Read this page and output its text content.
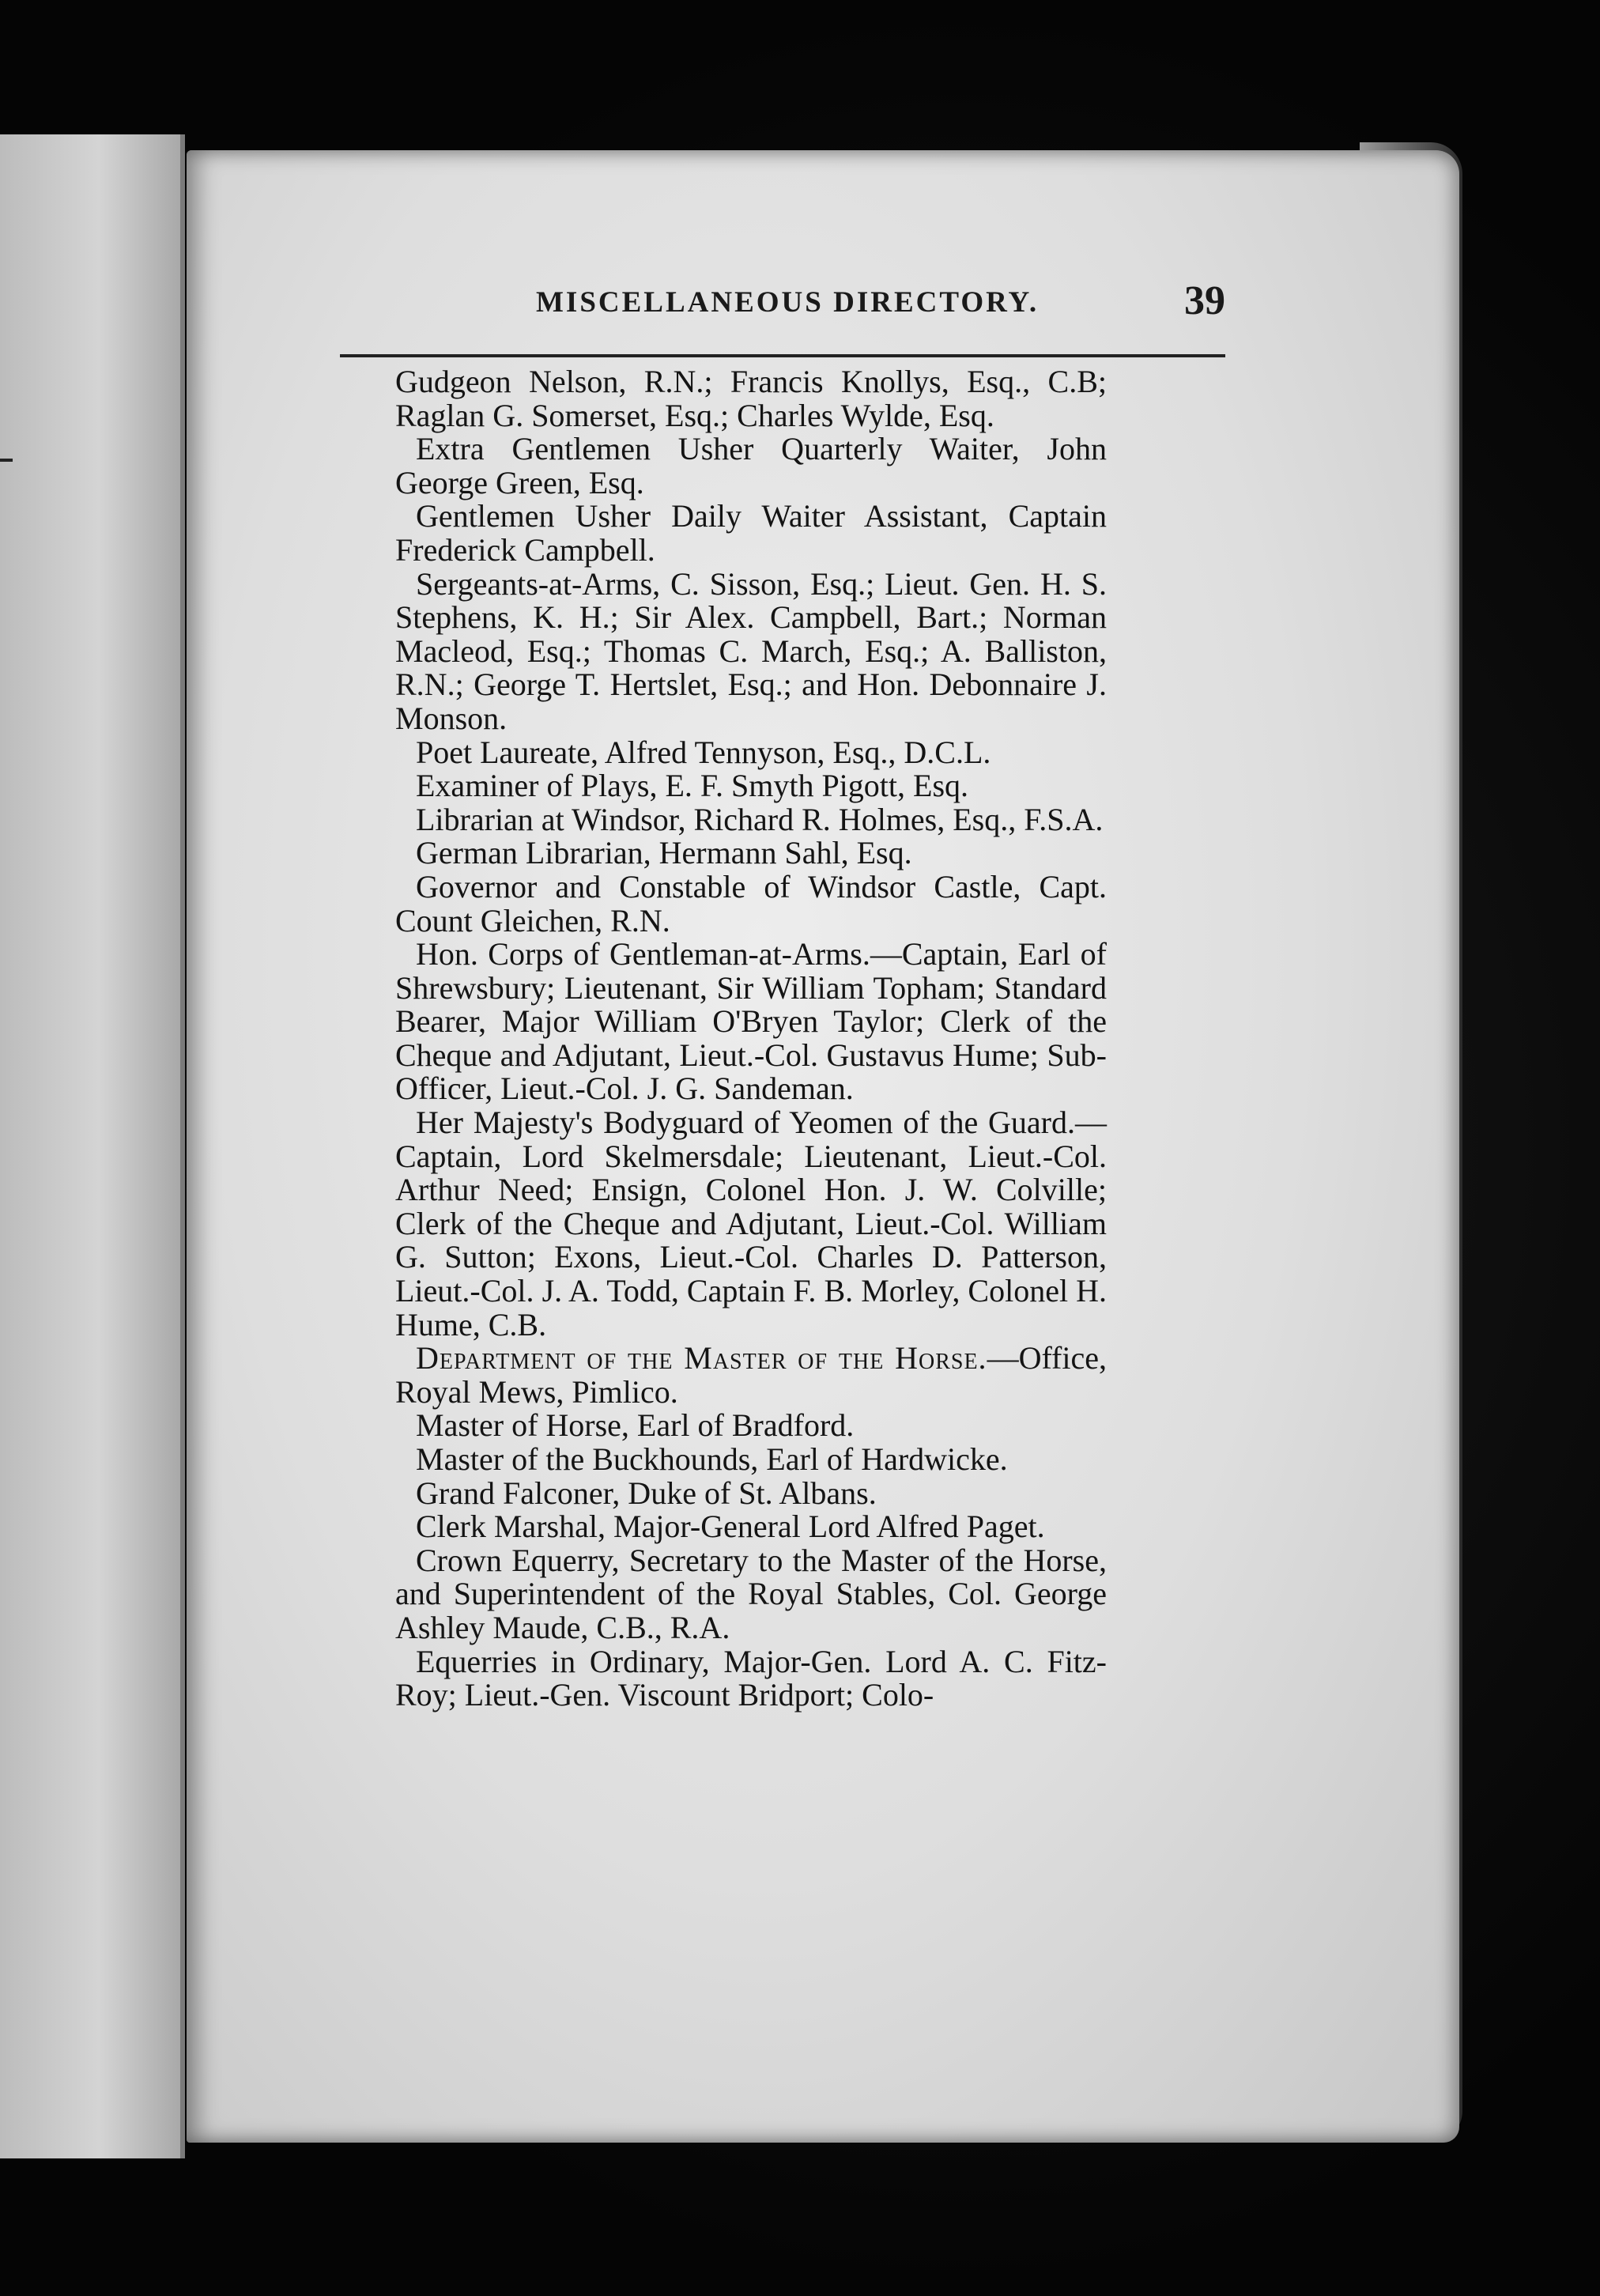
MISCELLANEOUS DIRECTORY.	39

Gudgeon Nelson, R.N.; Francis Knollys, Esq., C.B; Raglan G. Somerset, Esq.; Charles Wylde, Esq.

Extra Gentlemen Usher Quarterly Waiter, John George Green, Esq.

Gentlemen Usher Daily Waiter Assistant, Captain Frederick Campbell.

Sergeants-at-Arms, C. Sisson, Esq.; Lieut. Gen. H. S. Stephens, K. H.; Sir Alex. Campbell, Bart.; Norman Macleod, Esq.; Thomas C. March, Esq.; A. Balliston, R.N.; George T. Hertslet, Esq.; and Hon. Debonnaire J. Monson.

Poet Laureate, Alfred Tennyson, Esq., D.C.L.

Examiner of Plays, E. F. Smyth Pigott, Esq.

Librarian at Windsor, Richard R. Holmes, Esq., F.S.A.

German Librarian, Hermann Sahl, Esq.

Governor and Constable of Windsor Castle, Capt. Count Gleichen, R.N.

Hon. Corps of Gentleman-at-Arms.—Captain, Earl of Shrewsbury; Lieutenant, Sir William Topham; Standard Bearer, Major William O'Bryen Taylor; Clerk of the Cheque and Adjutant, Lieut.-Col. Gustavus Hume; Sub-Officer, Lieut.-Col. J. G. Sandeman.

Her Majesty's Bodyguard of Yeomen of the Guard.—Captain, Lord Skelmersdale; Lieutenant, Lieut.-Col. Arthur Need; Ensign, Colonel Hon. J. W. Colville; Clerk of the Cheque and Adjutant, Lieut.-Col. William G. Sutton; Exons, Lieut.-Col. Charles D. Patterson, Lieut.-Col. J. A. Todd, Captain F. B. Morley, Colonel H. Hume, C.B.

Department of the Master of the Horse.—Office, Royal Mews, Pimlico.

Master of Horse, Earl of Bradford.

Master of the Buckhounds, Earl of Hardwicke.

Grand Falconer, Duke of St. Albans.

Clerk Marshal, Major-General Lord Alfred Paget.

Crown Equerry, Secretary to the Master of the Horse, and Superintendent of the Royal Stables, Col. George Ashley Maude, C.B., R.A.

Equerries in Ordinary, Major-Gen. Lord A. C. Fitz-Roy; Lieut.-Gen. Viscount Bridport; Colo-
